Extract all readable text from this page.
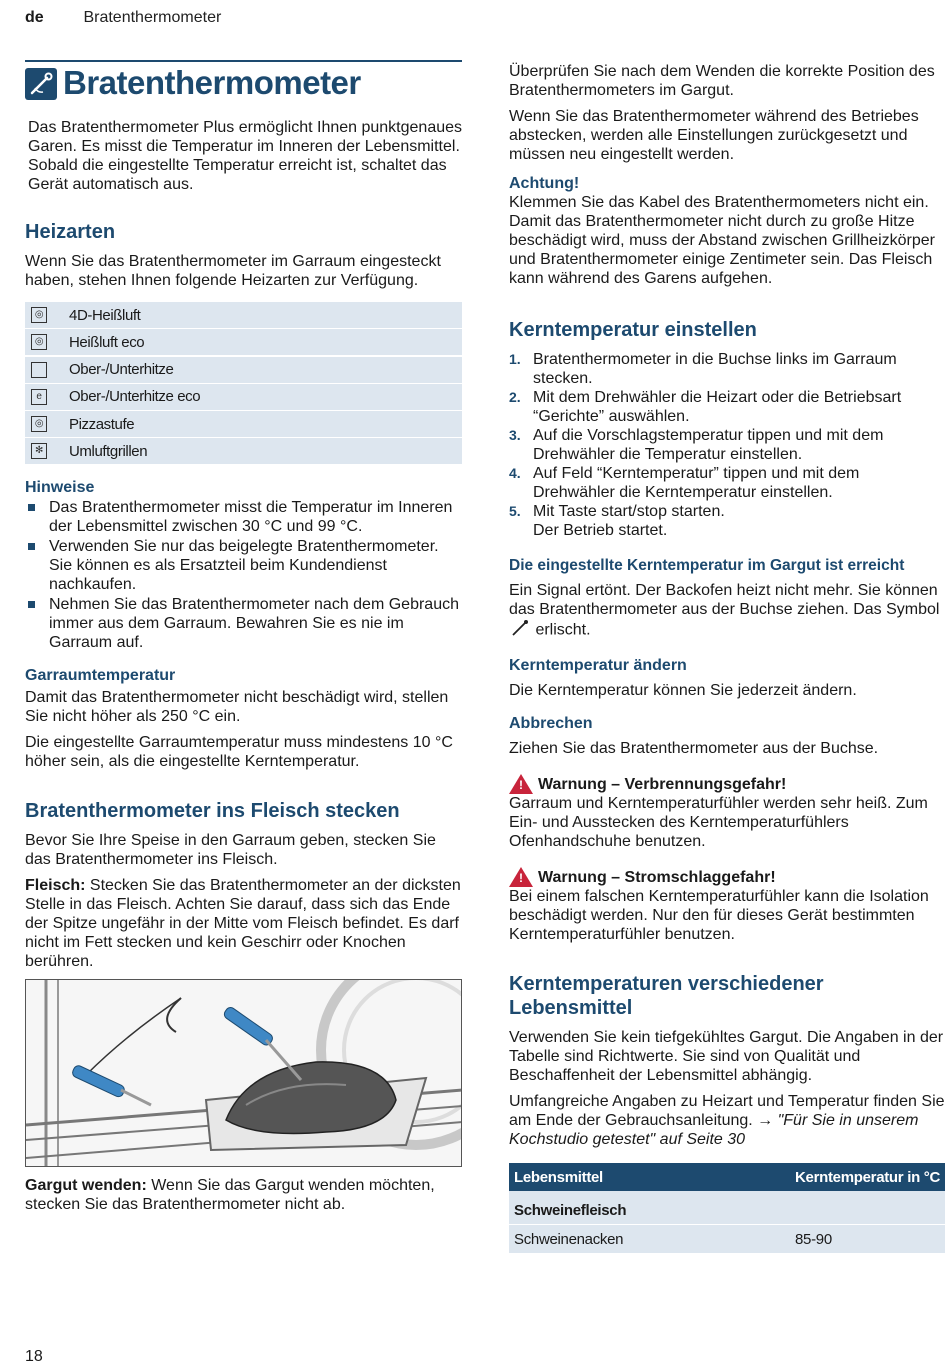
de Bratenthermometer
Bratenthermometer

Das Bratenthermometer Plus ermöglicht Ihnen punktgenaues Garen. Es misst die Temperatur im Inneren der Lebensmittel. Sobald die eingestellte Temperatur erreicht ist, schaltet das Gerät automatisch aus.

Heizarten

Wenn Sie das Bratenthermometer im Garraum eingesteckt haben, stehen Ihnen folgende Heizarten zur Verfügung.

◎ 4D-Heißluft
◎ Heißluft eco
Ober-/Unterhitze
e	Ober-/Unterhitze eco
◎ Pizzastufe
✻ Umluftgrillen
Hinweise
Das Bratenthermometer misst die Temperatur im Inneren der Lebensmittel zwischen 30 °C und 99 °C.
Verwenden Sie nur das beigelegte Bratenthermometer. Sie können es als Ersatzteil beim Kundendienst nachkaufen.
Nehmen Sie das Bratenthermometer nach dem Gebrauch immer aus dem Garraum. Bewahren Sie es nie im Garraum auf.
Garraumtemperatur

Damit das Bratenthermometer nicht beschädigt wird, stellen Sie nicht höher als 250 °C ein.

Die eingestellte Garraumtemperatur muss mindestens 10 °C höher sein, als die eingestellte Kerntemperatur.

Bratenthermometer ins Fleisch stecken

Bevor Sie Ihre Speise in den Garraum geben, stecken Sie das Bratenthermometer ins Fleisch.

Fleisch: Stecken Sie das Bratenthermometer an der dicksten Stelle in das Fleisch. Achten Sie darauf, dass sich das Ende der Spitze ungefähr in der Mitte vom Fleisch befindet. Es darf nicht im Fett stecken und kein Geschirr oder Knochen berühren.

Gargut wenden: Wenn Sie das Gargut wenden möchten, stecken Sie das Bratenthermometer nicht ab.

Überprüfen Sie nach dem Wenden die korrekte Position des Bratenthermometers im Gargut.

Wenn Sie das Bratenthermometer während des Betriebes abstecken, werden alle Einstellungen zurückgesetzt und müssen neu eingestellt werden.

Achtung!
Klemmen Sie das Kabel des Bratenthermometers nicht ein.
Damit das Bratenthermometer nicht durch zu große Hitze beschädigt wird, muss der Abstand zwischen Grillheizkörper und Bratenthermometer einige Zentimeter sein. Das Fleisch kann während des Garens aufgehen.
Kerntemperatur einstellen
1. Bratenthermometer in die Buchse links im Garraum stecken.
2. Mit dem Drehwähler die Heizart oder die Betriebsart “Gerichte” auswählen.
3. Auf die Vorschlagstemperatur tippen und mit dem Drehwähler die Temperatur einstellen.
4. Auf Feld “Kerntemperatur” tippen und mit dem Drehwähler die Kerntemperatur einstellen.
5. Mit Taste start/stop starten.
Der Betrieb startet.
Die eingestellte Kerntemperatur im Gargut ist erreicht

Ein Signal ertönt. Der Backofen heizt nicht mehr. Sie können das Bratenthermometer aus der Buchse ziehen. Das Symbol  erlischt.

Kerntemperatur ändern

Die Kerntemperatur können Sie jederzeit ändern.

Abbrechen

Ziehen Sie das Bratenthermometer aus der Buchse.

! Warnung – Verbrennungsgefahr!
Garraum und Kerntemperaturfühler werden sehr heiß. Zum Ein- und Ausstecken des Kerntemperaturfühlers Ofenhandschuhe benutzen.
! Warnung – Stromschlaggefahr!
Bei einem falschen Kerntemperaturfühler kann die Isolation beschädigt werden. Nur den für dieses Gerät bestimmten Kerntemperaturfühler benutzen.
Kerntemperaturen verschiedener Lebensmittel

Verwenden Sie kein tiefgekühltes Gargut. Die Angaben in der Tabelle sind Richtwerte. Sie sind von Qualität und Beschaffenheit der Lebensmittel abhängig.

Umfangreiche Angaben zu Heizart und Temperatur finden Sie am Ende der Gebrauchsanleitung. → "Für Sie in unserem Kochstudio getestet" auf Seite 30

Lebensmittel	Kerntemperatur in °C
Schweinefleisch
Schweinenacken	85-90
18
